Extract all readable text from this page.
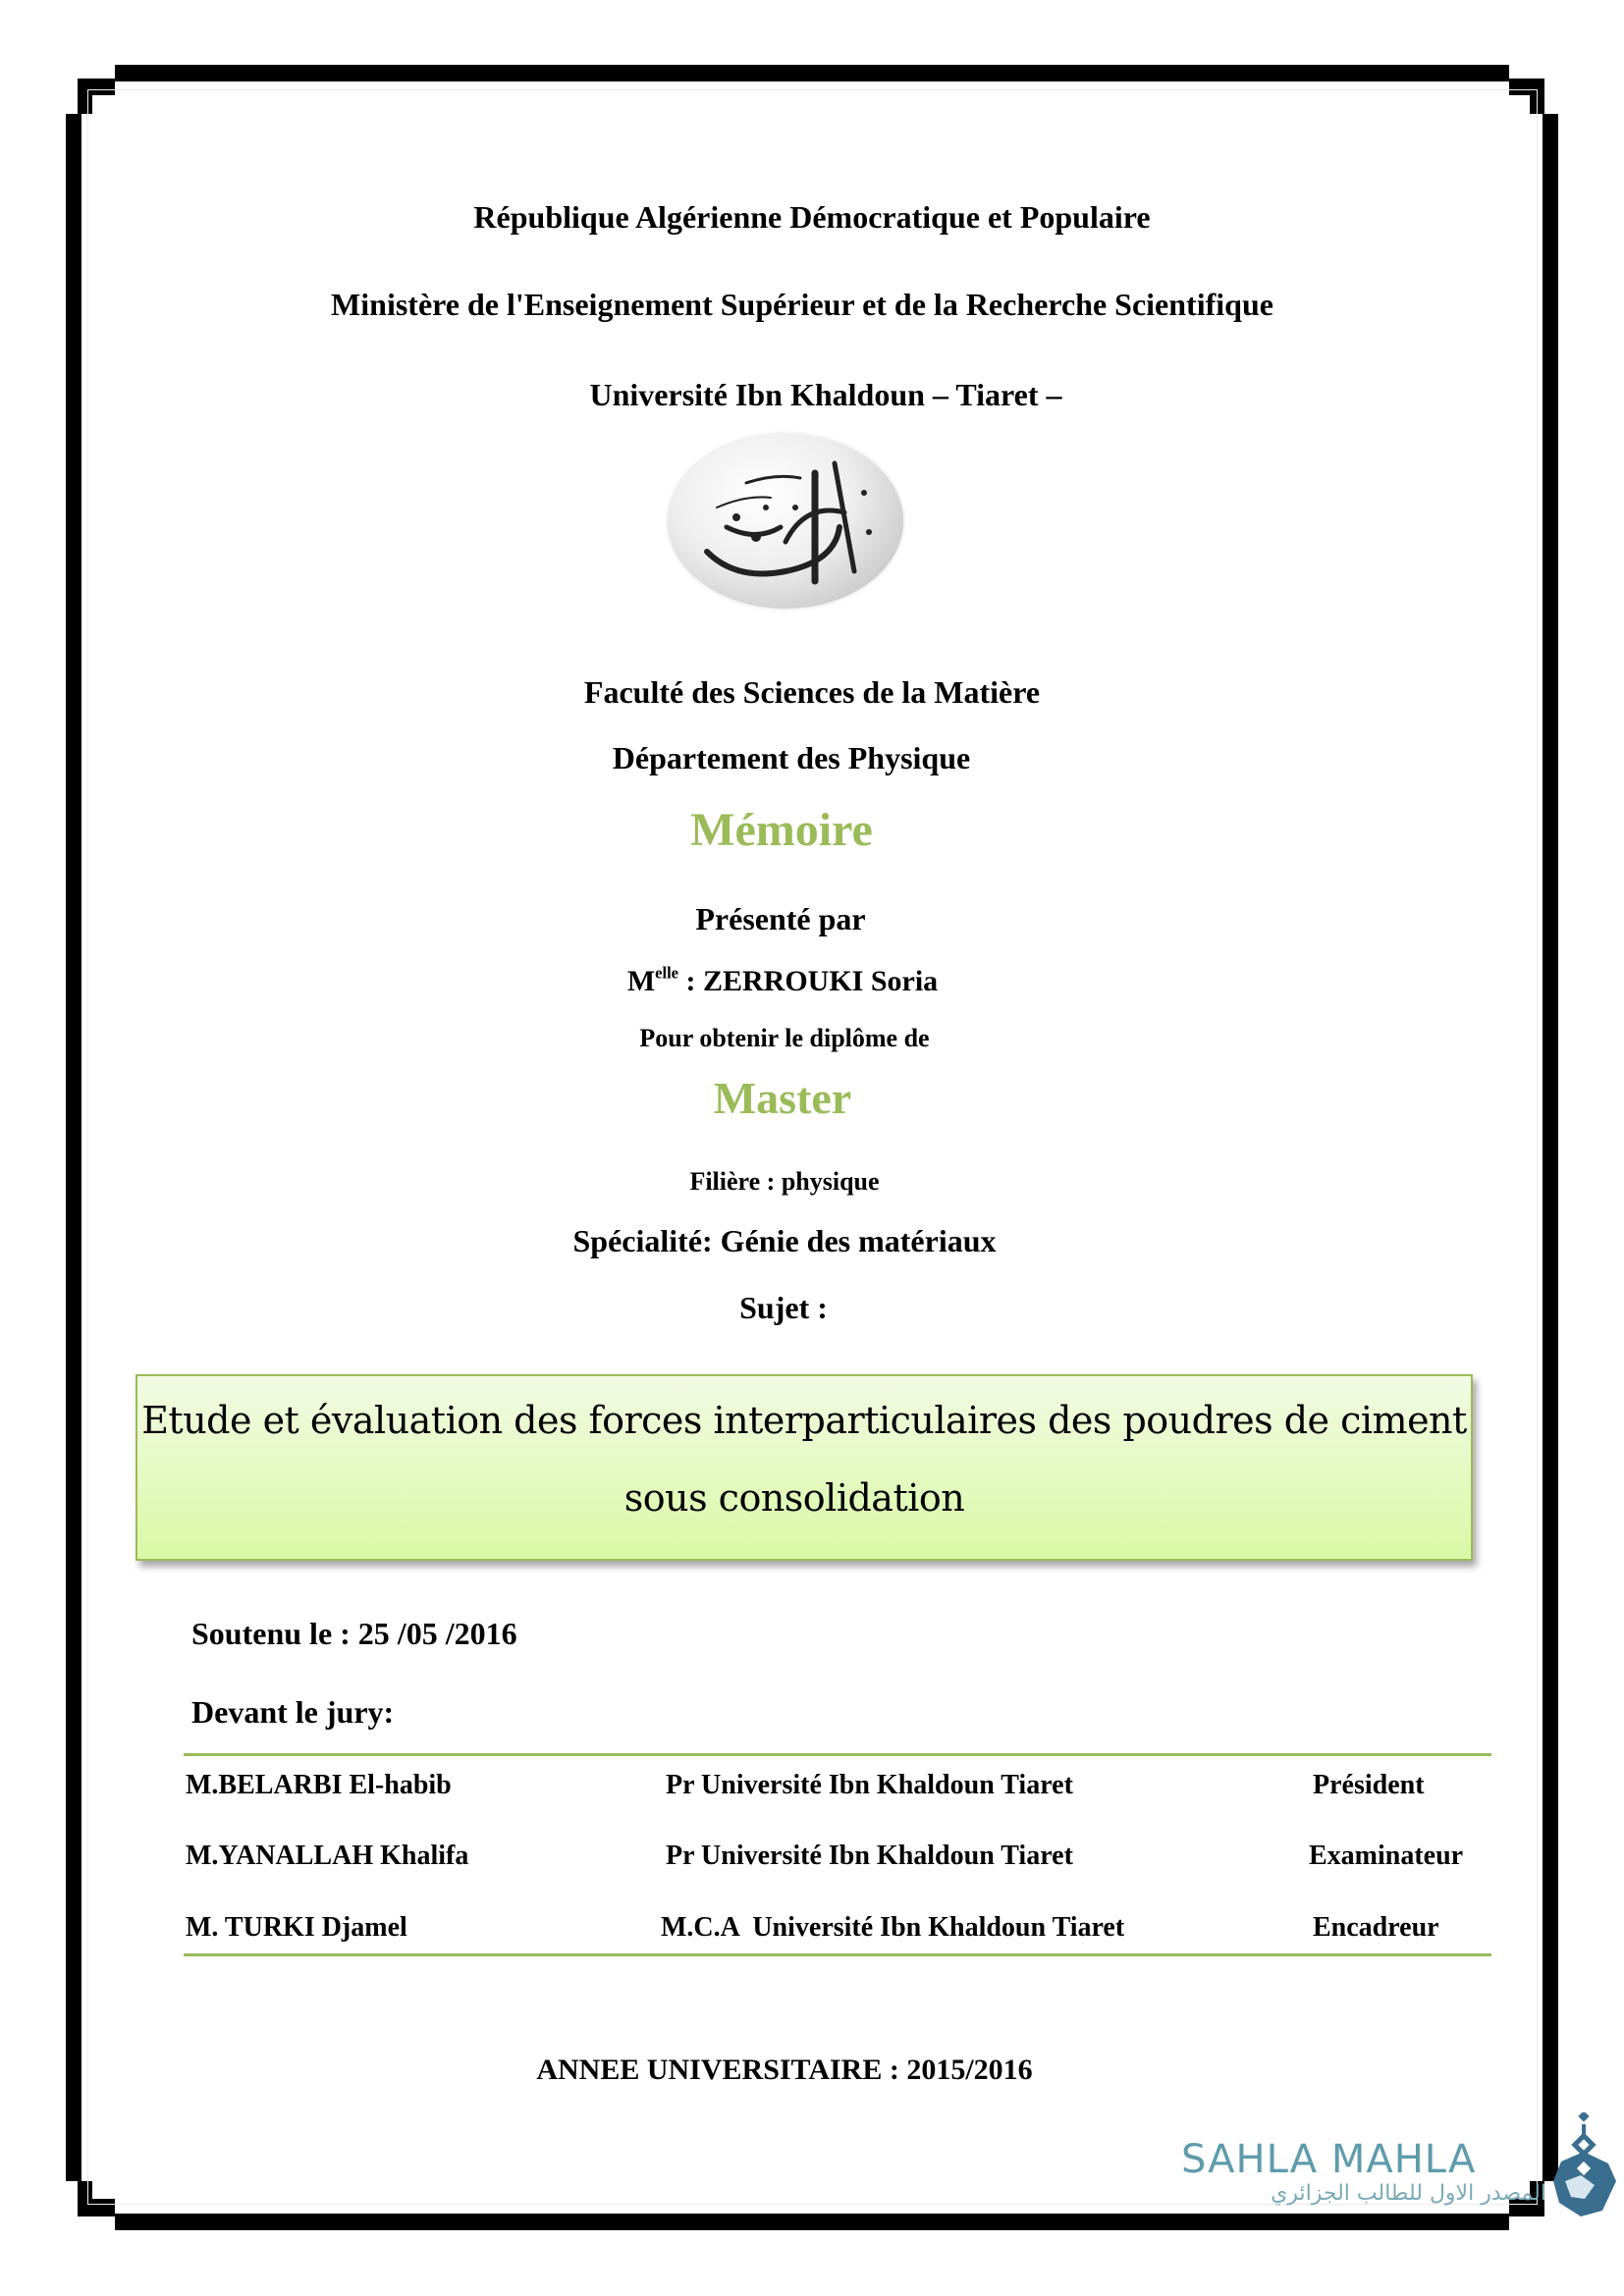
République Algérienne Démocratique et Populaire
Ministère de l'Enseignement Supérieur et de la Recherche Scientifique
Université Ibn Khaldoun – Tiaret –
Faculté des Sciences de la Matière
Département des Physique
Mémoire
Présenté par
$M^{elle}$ : ZERROUKI Soria
Pour obtenir le diplôme de
Master
Filière : physique
Spécialité: Génie des matériaux
Sujet :
Etude et évaluation des forces interparticulaires des poudres de ciment
sous consolidation
Soutenu le : 25 /05 /2016
Devant le jury:
M.BELARBI El-habib	Pr Université Ibn Khaldoun Tiaret	Président
M.YANALLAH Khalifa	Pr Université Ibn Khaldoun Tiaret	Examinateur
M. TURKI Djamel	M.C.A  Université Ibn Khaldoun Tiaret	Encadreur
ANNEE UNIVERSITAIRE : 2015/2016
SAHLA MAHLA
المصدر الاول للطالب الجزائري
